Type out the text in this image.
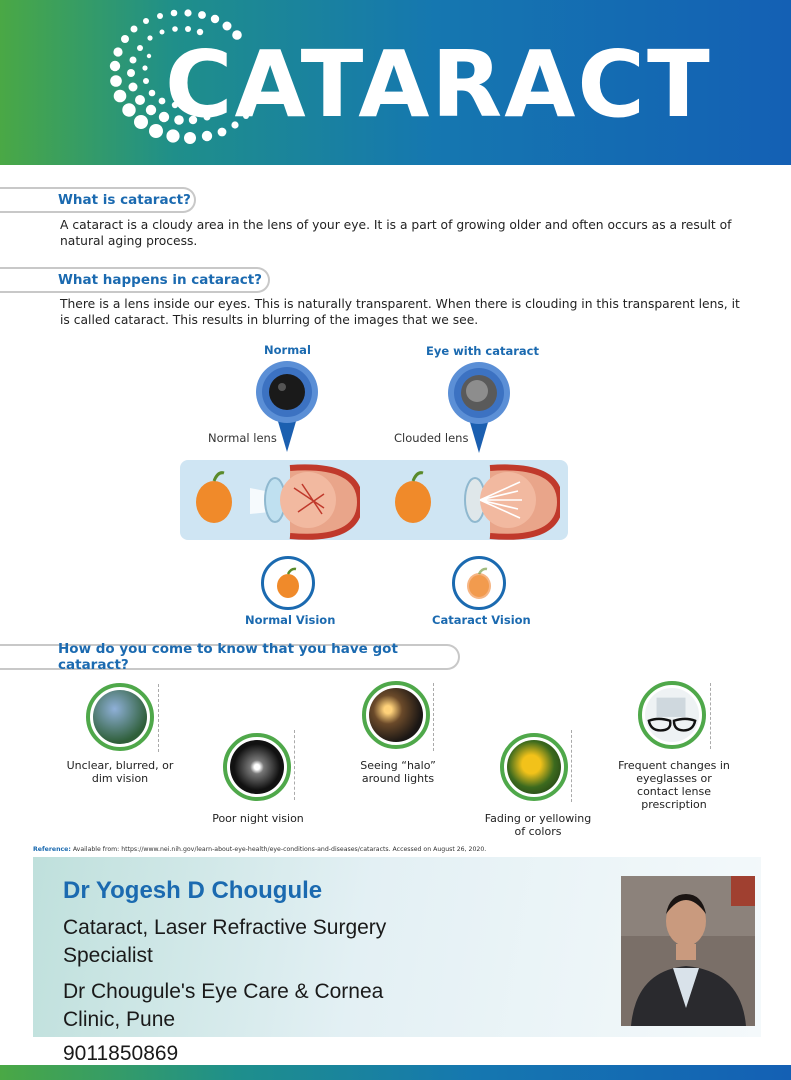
CATARACT
What is cataract?
A cataract is a cloudy area in the lens of your eye. It is a part of growing older and often occurs as a result of natural aging process.
What happens in cataract?
There is a lens inside our eyes. This is naturally transparent. When there is clouding in this transparent lens, it is called cataract. This results in blurring of the images that we see.
Normal	Eye with cataract
Normal lens	Clouded lens
Normal Vision	Cataract Vision
How do you come to know that you have got cataract?
Unclear, blurred, or dim vision
Poor night vision
Seeing “halo” around lights
Fading or yellowing of colors
Frequent changes in eyeglasses or contact lense prescription
Reference: Available from: https://www.nei.nih.gov/learn-about-eye-health/eye-conditions-and-diseases/cataracts. Accessed on August 26, 2020.
Dr Yogesh D Chougule
Cataract, Laser Refractive Surgery
Specialist
Dr Chougule's Eye Care & Cornea
Clinic, Pune
9011850869
